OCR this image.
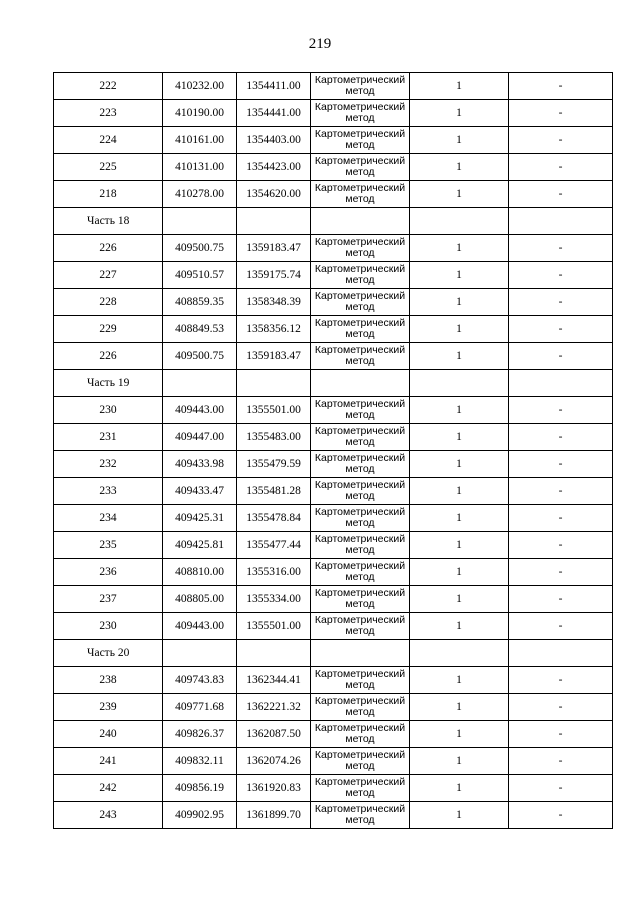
219
222	410232.00	1354411.00	Картометрический метод	1	-
223	410190.00	1354441.00	Картометрический метод	1	-
224	410161.00	1354403.00	Картометрический метод	1	-
225	410131.00	1354423.00	Картометрический метод	1	-
218	410278.00	1354620.00	Картометрический метод	1	-
Часть 18					
226	409500.75	1359183.47	Картометрический метод	1	-
227	409510.57	1359175.74	Картометрический метод	1	-
228	408859.35	1358348.39	Картометрический метод	1	-
229	408849.53	1358356.12	Картометрический метод	1	-
226	409500.75	1359183.47	Картометрический метод	1	-
Часть 19					
230	409443.00	1355501.00	Картометрический метод	1	-
231	409447.00	1355483.00	Картометрический метод	1	-
232	409433.98	1355479.59	Картометрический метод	1	-
233	409433.47	1355481.28	Картометрический метод	1	-
234	409425.31	1355478.84	Картометрический метод	1	-
235	409425.81	1355477.44	Картометрический метод	1	-
236	408810.00	1355316.00	Картометрический метод	1	-
237	408805.00	1355334.00	Картометрический метод	1	-
230	409443.00	1355501.00	Картометрический метод	1	-
Часть 20					
238	409743.83	1362344.41	Картометрический метод	1	-
239	409771.68	1362221.32	Картометрический метод	1	-
240	409826.37	1362087.50	Картометрический метод	1	-
241	409832.11	1362074.26	Картометрический метод	1	-
242	409856.19	1361920.83	Картометрический метод	1	-
243	409902.95	1361899.70	Картометрический метод	1	-
